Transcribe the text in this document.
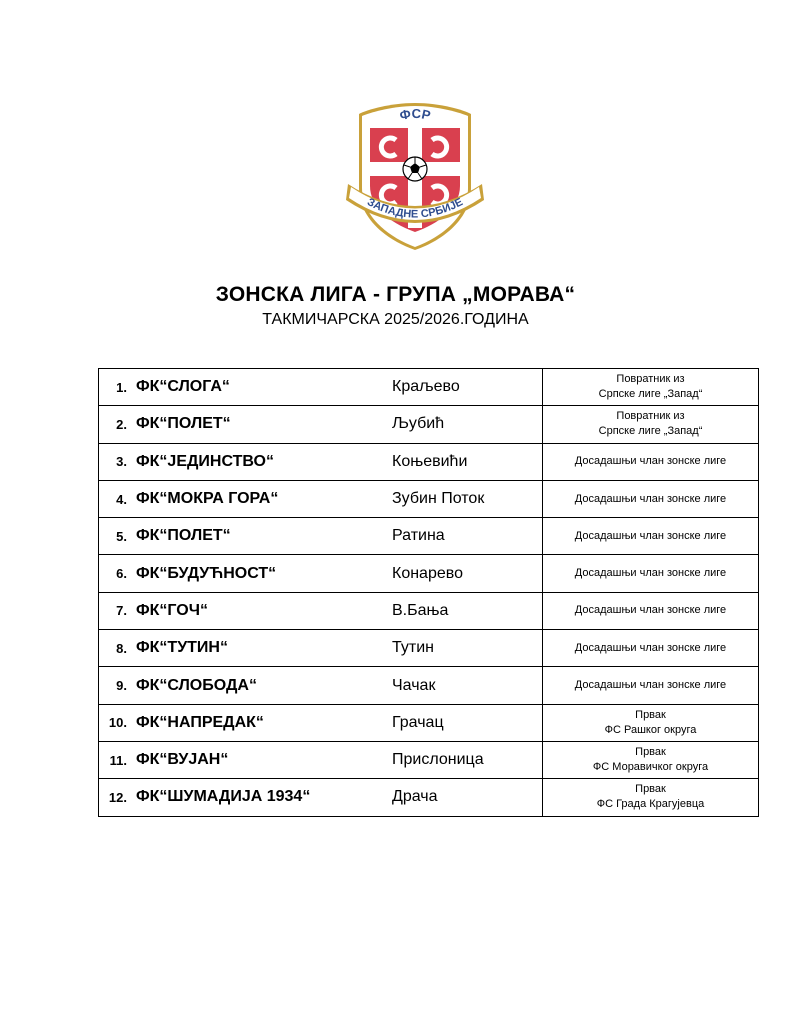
ФСР
ЗАПАДНЕ СРБИЈЕ
ЗОНСКА ЛИГА - ГРУПА „МОРАВА“
ТАКМИЧАРСКА 2025/2026.ГОДИНА
1. ФК“СЛОГА“ Краљево	Повратник из
Српске лиге „Запад“

2. ФК“ПОЛЕТ“ Љубић	Повратник из
Српске лиге „Запад“

3. ФК“ЈЕДИНСТВО“ Коњевићи	Досадашњи члан зонске лиге

4. ФК“МОКРА ГОРА“ Зубин Поток	Досадашњи члан зонске лиге

5. ФК“ПОЛЕТ“ Ратина	Досадашњи члан зонске лиге

6. ФК“БУДУЋНОСТ“ Конарево	Досадашњи члан зонске лиге

7. ФК“ГОЧ“ В.Бања	Досадашњи члан зонске лиге

8. ФК“ТУТИН“ Тутин	Досадашњи члан зонске лиге

9. ФК“СЛОБОДА“ Чачак	Досадашњи члан зонске лиге

10. ФК“НАПРЕДАК“ Грачац	Првак
ФС Рашког округа

11. ФК“ВУЈАН“ Прислоница	Првак
ФС Моравичког округа

12. ФК“ШУМАДИЈА 1934“ Драча	Првак
ФС Града Крагујевца
